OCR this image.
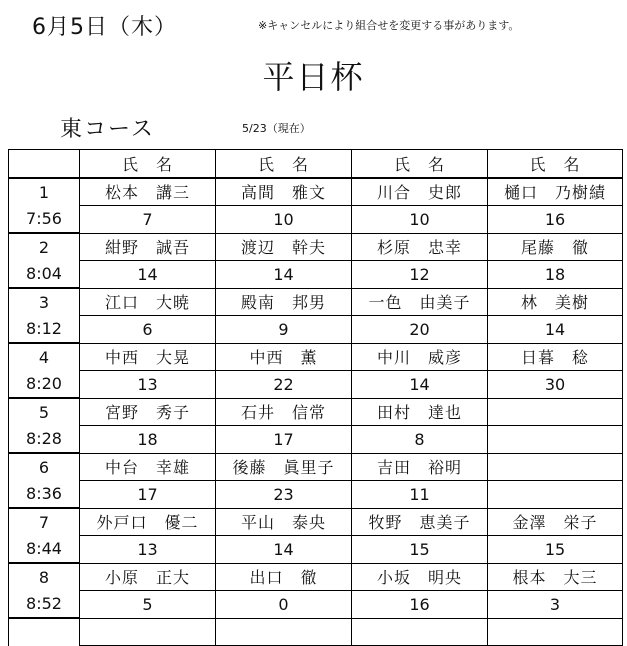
6月5日（木）	※キャンセルにより組合せを変更する事があります。
平日杯
東コース	5/23（現在）
	氏　名	氏　名	氏　名	氏　名
1	松本　講三	高間　雅文	川合　史郎	樋口　乃樹績
7:56	7	10	10	16
2	紺野　誠吾	渡辺　幹夫	杉原　忠幸	尾藤　徹
8:04	14	14	12	18
3	江口　大暁	殿南　邦男	一色　由美子	林　美樹
8:12	6	9	20	14
4	中西　大晃	中西　薫	中川　威彦	日暮　稔
8:20	13	22	14	30
5	宮野　秀子	石井　信常	田村　達也	
8:28	18	17	8	
6	中台　幸雄	後藤　眞里子	吉田　裕明	
8:36	17	23	11	
7	外戸口　優二	平山　泰央	牧野　恵美子	金澤　栄子
8:44	13	14	15	15
8	小原　正大	出口　徹	小坂　明央	根本　大三
8:52	5	0	16	3
